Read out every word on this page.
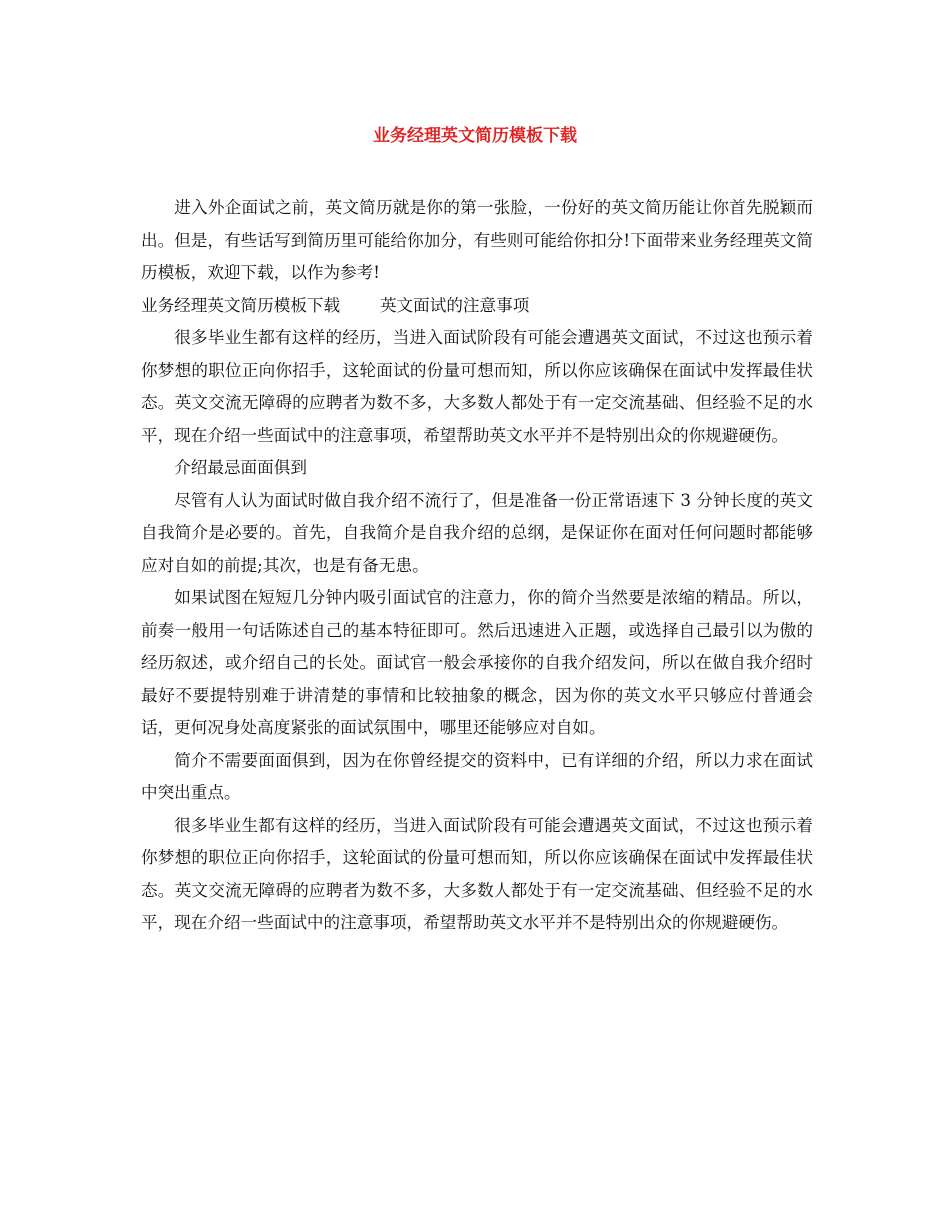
业务经理英文简历模板下载

进入外企面试之前，英文简历就是你的第一张脸，一份好的英文简历能让你首先脱颖而出。但是，有些话写到简历里可能给你加分，有些则可能给你扣分!下面带来业务经理英文简历模板，欢迎下载，以作为参考!

业务经理英文简历模板下载 英文面试的注意事项

很多毕业生都有这样的经历，当进入面试阶段有可能会遭遇英文面试，不过这也预示着你梦想的职位正向你招手，这轮面试的份量可想而知，所以你应该确保在面试中发挥最佳状态。英文交流无障碍的应聘者为数不多，大多数人都处于有一定交流基础、但经验不足的水平，现在介绍一些面试中的注意事项，希望帮助英文水平并不是特别出众的你规避硬伤。

介绍最忌面面俱到

尽管有人认为面试时做自我介绍不流行了，但是准备一份正常语速下 3 分钟长度的英文自我简介是必要的。首先，自我简介是自我介绍的总纲，是保证你在面对任何问题时都能够应对自如的前提;其次，也是有备无患。

如果试图在短短几分钟内吸引面试官的注意力，你的简介当然要是浓缩的精品。所以，前奏一般用一句话陈述自己的基本特征即可。然后迅速进入正题，或选择自己最引以为傲的经历叙述，或介绍自己的长处。面试官一般会承接你的自我介绍发问，所以在做自我介绍时最好不要提特别难于讲清楚的事情和比较抽象的概念，因为你的英文水平只够应付普通会话，更何况身处高度紧张的面试氛围中，哪里还能够应对自如。

简介不需要面面俱到，因为在你曾经提交的资料中，已有详细的介绍，所以力求在面试中突出重点。

很多毕业生都有这样的经历，当进入面试阶段有可能会遭遇英文面试，不过这也预示着你梦想的职位正向你招手，这轮面试的份量可想而知，所以你应该确保在面试中发挥最佳状态。英文交流无障碍的应聘者为数不多，大多数人都处于有一定交流基础、但经验不足的水平，现在介绍一些面试中的注意事项，希望帮助英文水平并不是特别出众的你规避硬伤。
